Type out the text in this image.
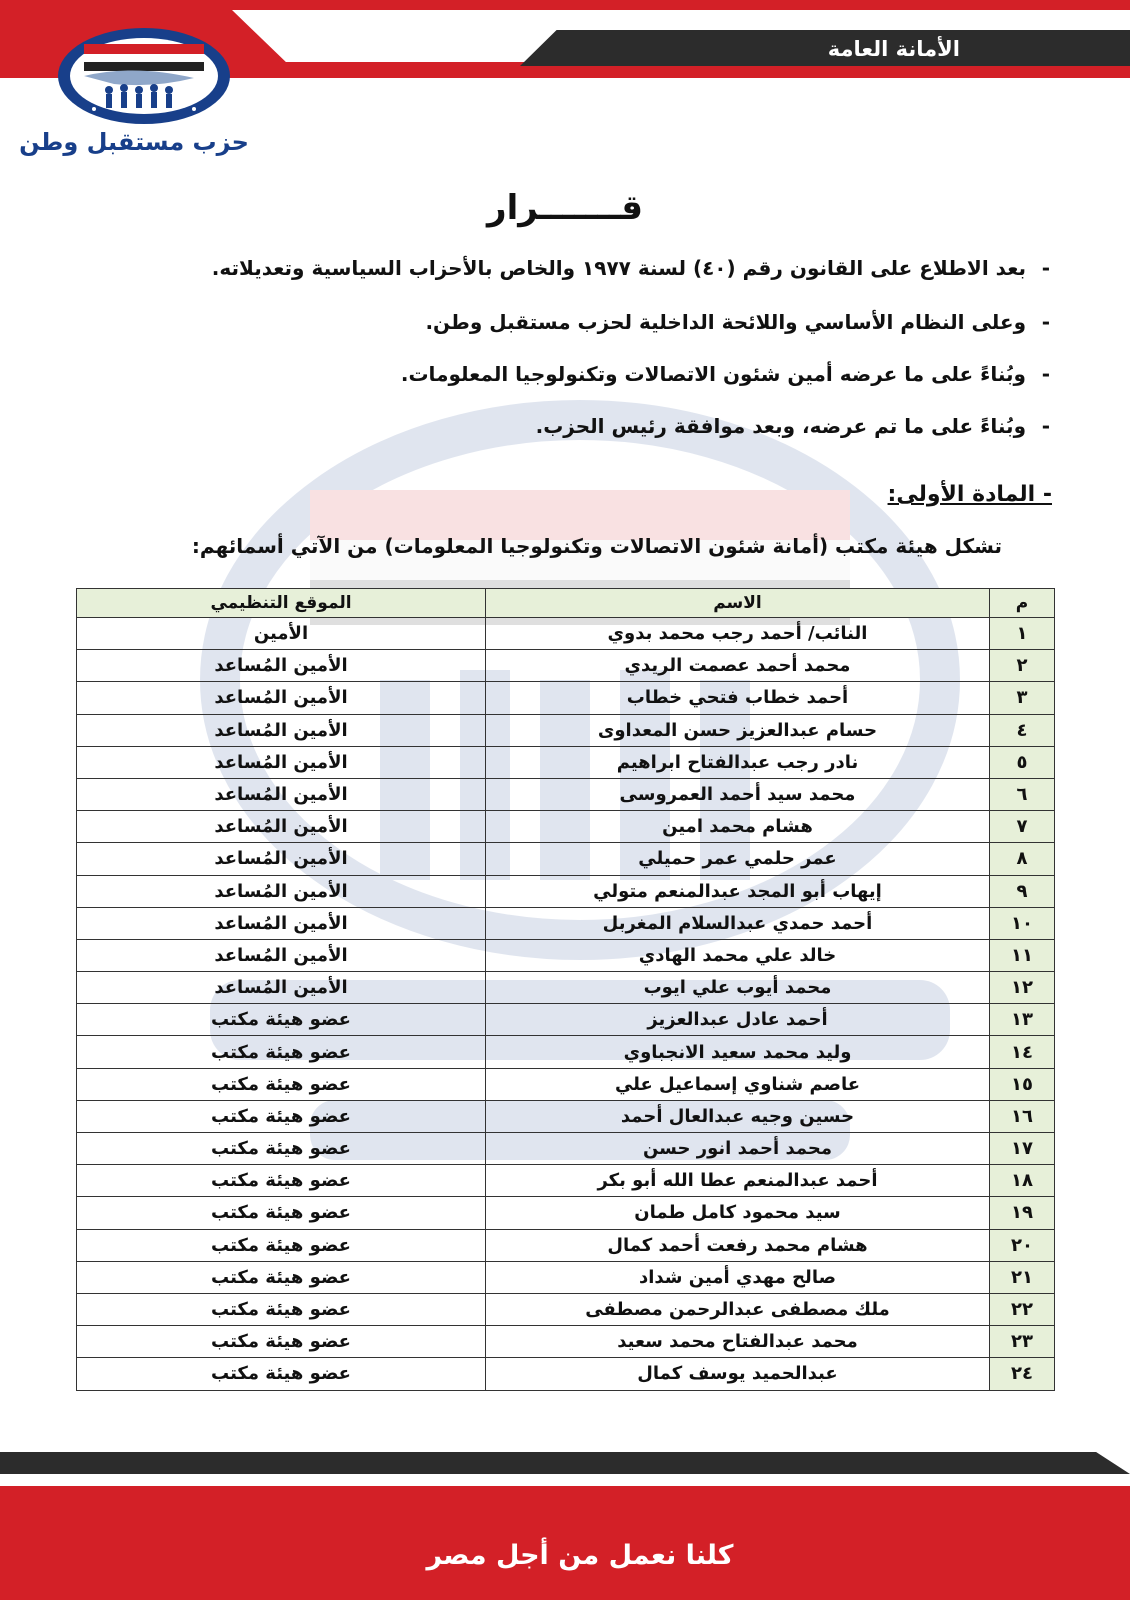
الأمانة العامة
حزب مستقبل وطن
قـــــــرار
-بعد الاطلاع على القانون رقم (٤٠) لسنة ١٩٧٧ والخاص بالأحزاب السياسية وتعديلاته.
-وعلى النظام الأساسي واللائحة الداخلية لحزب مستقبل وطن.
-وبُناءً على ما عرضه أمين شئون الاتصالات وتكنولوجيا المعلومات.
-وبُناءً على ما تم عرضه، وبعد موافقة رئيس الحزب.
- المادة الأولى:
تشكل هيئة مكتب (أمانة شئون الاتصالات وتكنولوجيا المعلومات) من الآتي أسمائهم:
م	الاسم	الموقع التنظيمي
١	النائب/ أحمد رجب محمد بدوي	الأمين
٢	محمد أحمد عصمت الريدي	الأمين المُساعد
٣	أحمد خطاب فتحي خطاب	الأمين المُساعد
٤	حسام عبدالعزيز حسن المعداوى	الأمين المُساعد
٥	نادر رجب عبدالفتاح ابراهيم	الأمين المُساعد
٦	محمد سيد أحمد العمروسى	الأمين المُساعد
٧	هشام محمد امين	الأمين المُساعد
٨	عمر حلمي عمر حميلي	الأمين المُساعد
٩	إيهاب أبو المجد عبدالمنعم متولي	الأمين المُساعد
١٠	أحمد حمدي عبدالسلام المغربل	الأمين المُساعد
١١	خالد علي محمد الهادي	الأمين المُساعد
١٢	محمد أيوب علي ايوب	الأمين المُساعد
١٣	أحمد عادل عبدالعزيز	عضو هيئة مكتب
١٤	وليد محمد سعيد الانجباوي	عضو هيئة مكتب
١٥	عاصم شناوي إسماعيل علي	عضو هيئة مكتب
١٦	حسين وجيه عبدالعال أحمد	عضو هيئة مكتب
١٧	محمد أحمد انور حسن	عضو هيئة مكتب
١٨	أحمد عبدالمنعم عطا الله أبو بكر	عضو هيئة مكتب
١٩	سيد محمود كامل طمان	عضو هيئة مكتب
٢٠	هشام محمد رفعت أحمد كمال	عضو هيئة مكتب
٢١	صالح مهدي أمين شداد	عضو هيئة مكتب
٢٢	ملك مصطفى عبدالرحمن مصطفى	عضو هيئة مكتب
٢٣	محمد عبدالفتاح محمد سعيد	عضو هيئة مكتب
٢٤	عبدالحميد يوسف كمال	عضو هيئة مكتب
كلنا نعمل من أجل مصر
